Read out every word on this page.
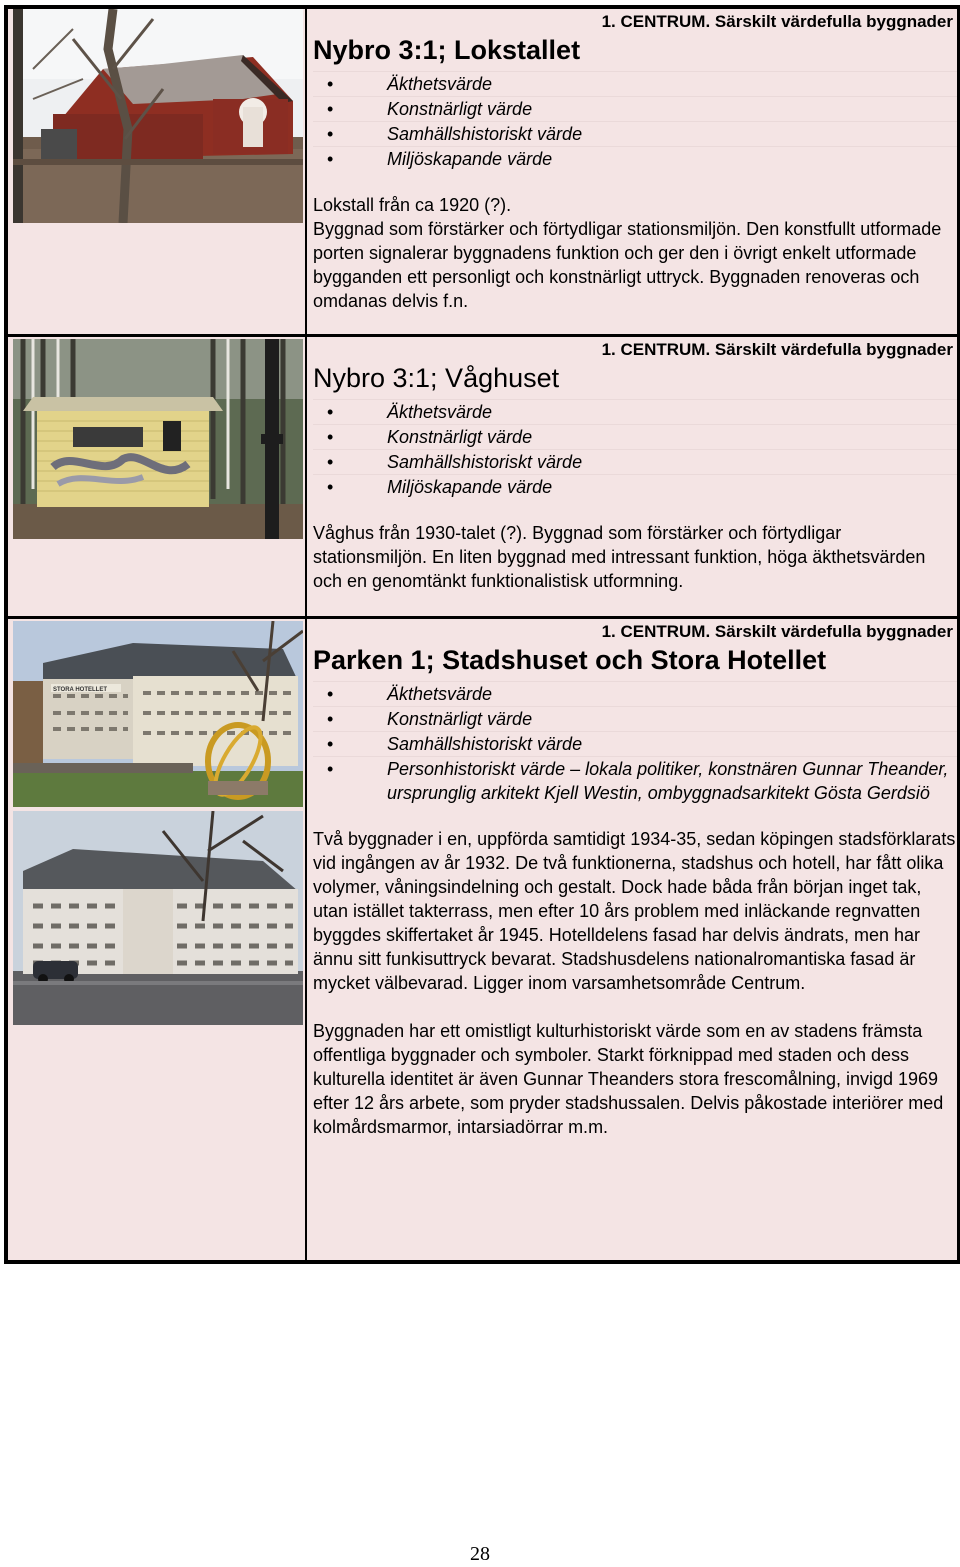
1. CENTRUM. Särskilt värdefulla byggnader
Nybro 3:1; Lokstallet
• Äkthetsvärde
• Konstnärligt värde
• Samhällshistoriskt värde
• Miljöskapande värde
Lokstall från ca 1920 (?).
Byggnad som förstärker och förtydligar stationsmiljön. Den konstfullt utformade porten signalerar byggnadens funktion och ger den i övrigt enkelt utformade bygganden ett personligt och konstnärligt uttryck. Byggnaden renoveras och omdanas delvis f.n.
1. CENTRUM. Särskilt värdefulla byggnader
Nybro 3:1; Våghuset
• Äkthetsvärde
• Konstnärligt värde
• Samhällshistoriskt värde
• Miljöskapande värde
Våghus från 1930-talet (?). Byggnad som förstärker och förtydligar stationsmiljön. En liten byggnad med intressant funktion, höga äkthetsvärden och en genomtänkt funktionalistisk utformning.
STORA HOTELLET
1. CENTRUM. Särskilt värdefulla byggnader
Parken 1; Stadshuset och Stora Hotellet
• Äkthetsvärde
• Konstnärligt värde
• Samhällshistoriskt värde
• Personhistoriskt värde – lokala politiker, konstnären Gunnar Theander, ursprunglig arkitekt Kjell Westin, ombyggnadsarkitekt Gösta Gerdsiö

Två byggnader i en, uppförda samtidigt 1934-35, sedan köpingen stadsförklarats vid ingången av år 1932. De två funktionerna, stadshus och hotell, har fått olika volymer, våningsindelning och gestalt. Dock hade båda från början inget tak, utan istället takterrass, men efter 10 års problem med inläckande regnvatten byggdes skiffertaket år 1945. Hotelldelens fasad har delvis ändrats, men har ännu sitt funkisuttryck bevarat. Stadshusdelens nationalromantiska fasad är mycket välbevarad. Ligger inom varsamhetsområde Centrum.

Byggnaden har ett omistligt kulturhistoriskt värde som en av stadens främsta offentliga byggnader och symboler. Starkt förknippad med staden och dess kulturella identitet är även Gunnar Theanders stora frescomålning, invigd 1969 efter 12 års arbete, som pryder stadshussalen. Delvis påkostade interiörer med kolmårdsmarmor, intarsiadörrar m.m.

28
